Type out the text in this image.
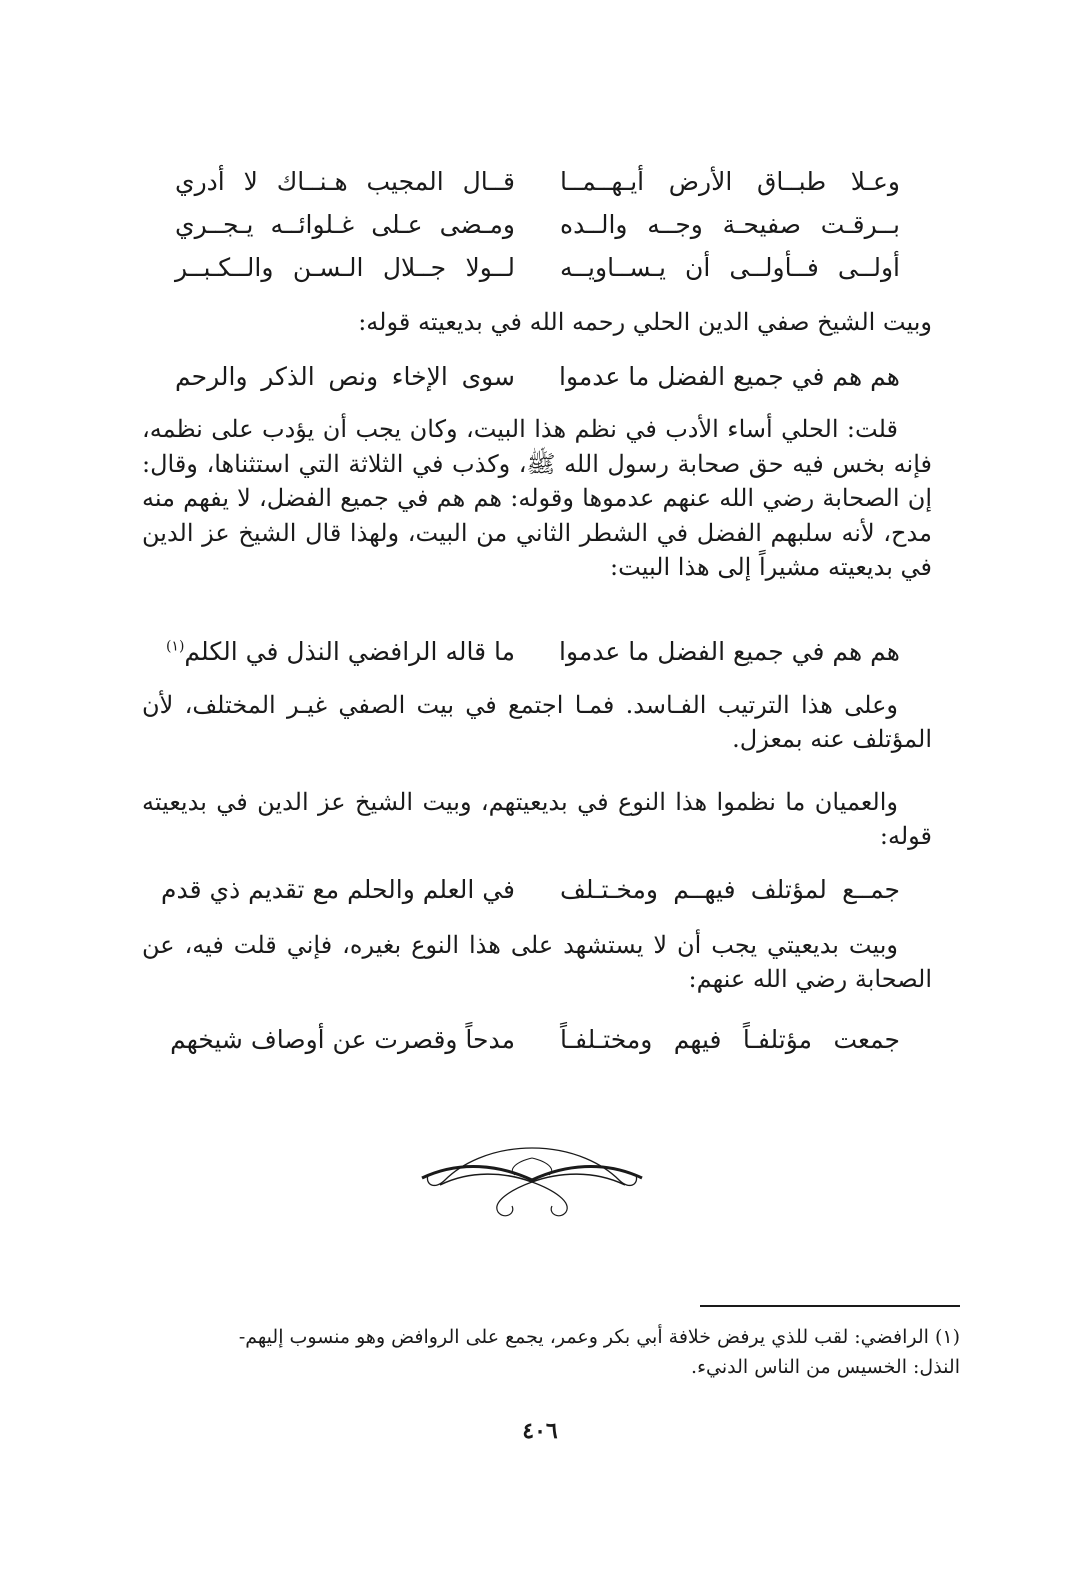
وعـلا طبــاق الأرض أيـهــمــا
قــال المجيب هـنــاك لا أدري
بــرقـت صفيحـة وجــه والــده
ومـضى عـلى غـلوائــه يـجــري
أولــى فــأولــى أن يـســاويــه
لــولا جــلال الـسـن والــكـبــر
وبيت الشيخ صفي الدين الحلي رحمه الله في بديعيته قوله:
هم هم في جميع الفضل ما عدموا
سوى الإخاء ونص الذكر والرحم
قلت: الحلي أساء الأدب في نظم هذا البيت، وكان يجب أن يؤدب على نظمه، فإنه بخس فيه حق صحابة رسول الله ﷺ، وكذب في الثلاثة التي استثناها، وقال: إن الصحابة رضي الله عنهم عدموها وقوله: هم هم في جميع الفضل، لا يفهم منه مدح، لأنه سلبهم الفضل في الشطر الثاني من البيت، ولهذا قال الشيخ عز الدين في بديعيته مشيراً إلى هذا البيت:
هم هم في جميع الفضل ما عدموا
ما قاله الرافضي النذل في الكلم$^{(١)}$
وعلى هذا الترتيب الفـاسد. فمـا اجتمع في بيت الصفي غيـر المختلف، لأن المؤتلف عنه بمعزل.
والعميان ما نظموا هذا النوع في بديعيتهم، وبيت الشيخ عز الدين في بديعيته قوله:
جمــع لمؤتلف فيهــم ومخـتـلف
في العلم والحلم مع تقديم ذي قدم
وبيت بديعيتي يجب أن لا يستشهد على هذا النوع بغيره، فإني قلت فيه، عن الصحابة رضي الله عنهم:
جمعت مؤتلفـاً فيهم ومختـلفـاً
مدحاً وقصرت عن أوصاف شيخهم
(١) الرافضي: لقب للذي يرفض خلافة أبي بكر وعمر، يجمع على الروافض وهو منسوب إليهم-
النذل: الخسيس من الناس الدنيء.
٤٠٦
